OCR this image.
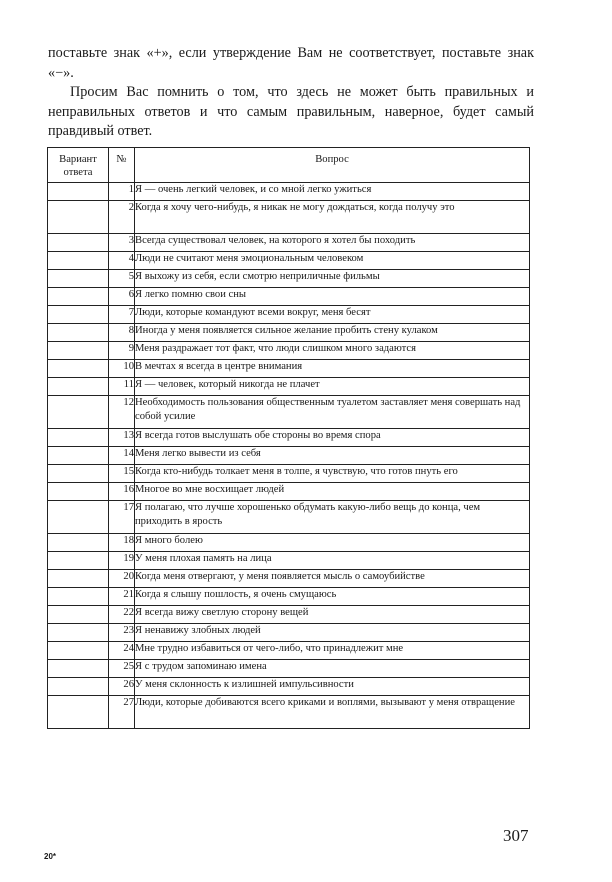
поставьте знак «+», если утверждение Вам не соответствует, поставьте знак «−».

Просим Вас помнить о том, что здесь не может быть правильных и неправильных ответов и что самым правильным, наверное, будет самый правдивый ответ.

Вариант ответа	№	Вопрос
	1	Я — очень легкий человек, и со мной легко ужиться
	2	Когда я хочу чего-нибудь, я никак не могу дождаться, когда получу это
	3	Всегда существовал человек, на которого я хотел бы походить
	4	Люди не считают меня эмоциональным человеком
	5	Я выхожу из себя, если смотрю неприличные фильмы
	6	Я легко помню свои сны
	7	Люди, которые командуют всеми вокруг, меня бесят
	8	Иногда у меня появляется сильное желание пробить стену кулаком
	9	Меня раздражает тот факт, что люди слишком много задаются
	10	В мечтах я всегда в центре внимания
	11	Я — человек, который никогда не плачет
	12	Необходимость пользования общественным туалетом заставляет меня совершать над собой усилие
	13	Я всегда готов выслушать обе стороны во время спора
	14	Меня легко вывести из себя
	15	Когда кто-нибудь толкает меня в толпе, я чувствую, что готов пнуть его
	16	Многое во мне восхищает людей
	17	Я полагаю, что лучше хорошенько обдумать какую-либо вещь до конца, чем приходить в ярость
	18	Я много болею
	19	У меня плохая память на лица
	20	Когда меня отвергают, у меня появляется мысль о самоубийстве
	21	Когда я слышу пошлость, я очень смущаюсь
	22	Я всегда вижу светлую сторону вещей
	23	Я ненавижу злобных людей
	24	Мне трудно избавиться от чего-либо, что принадлежит мне
	25	Я с трудом запоминаю имена
	26	У меня склонность к излишней импульсивности
	27	Люди, которые добиваются всего криками и воплями, вызывают у меня отвращение
307
20*
